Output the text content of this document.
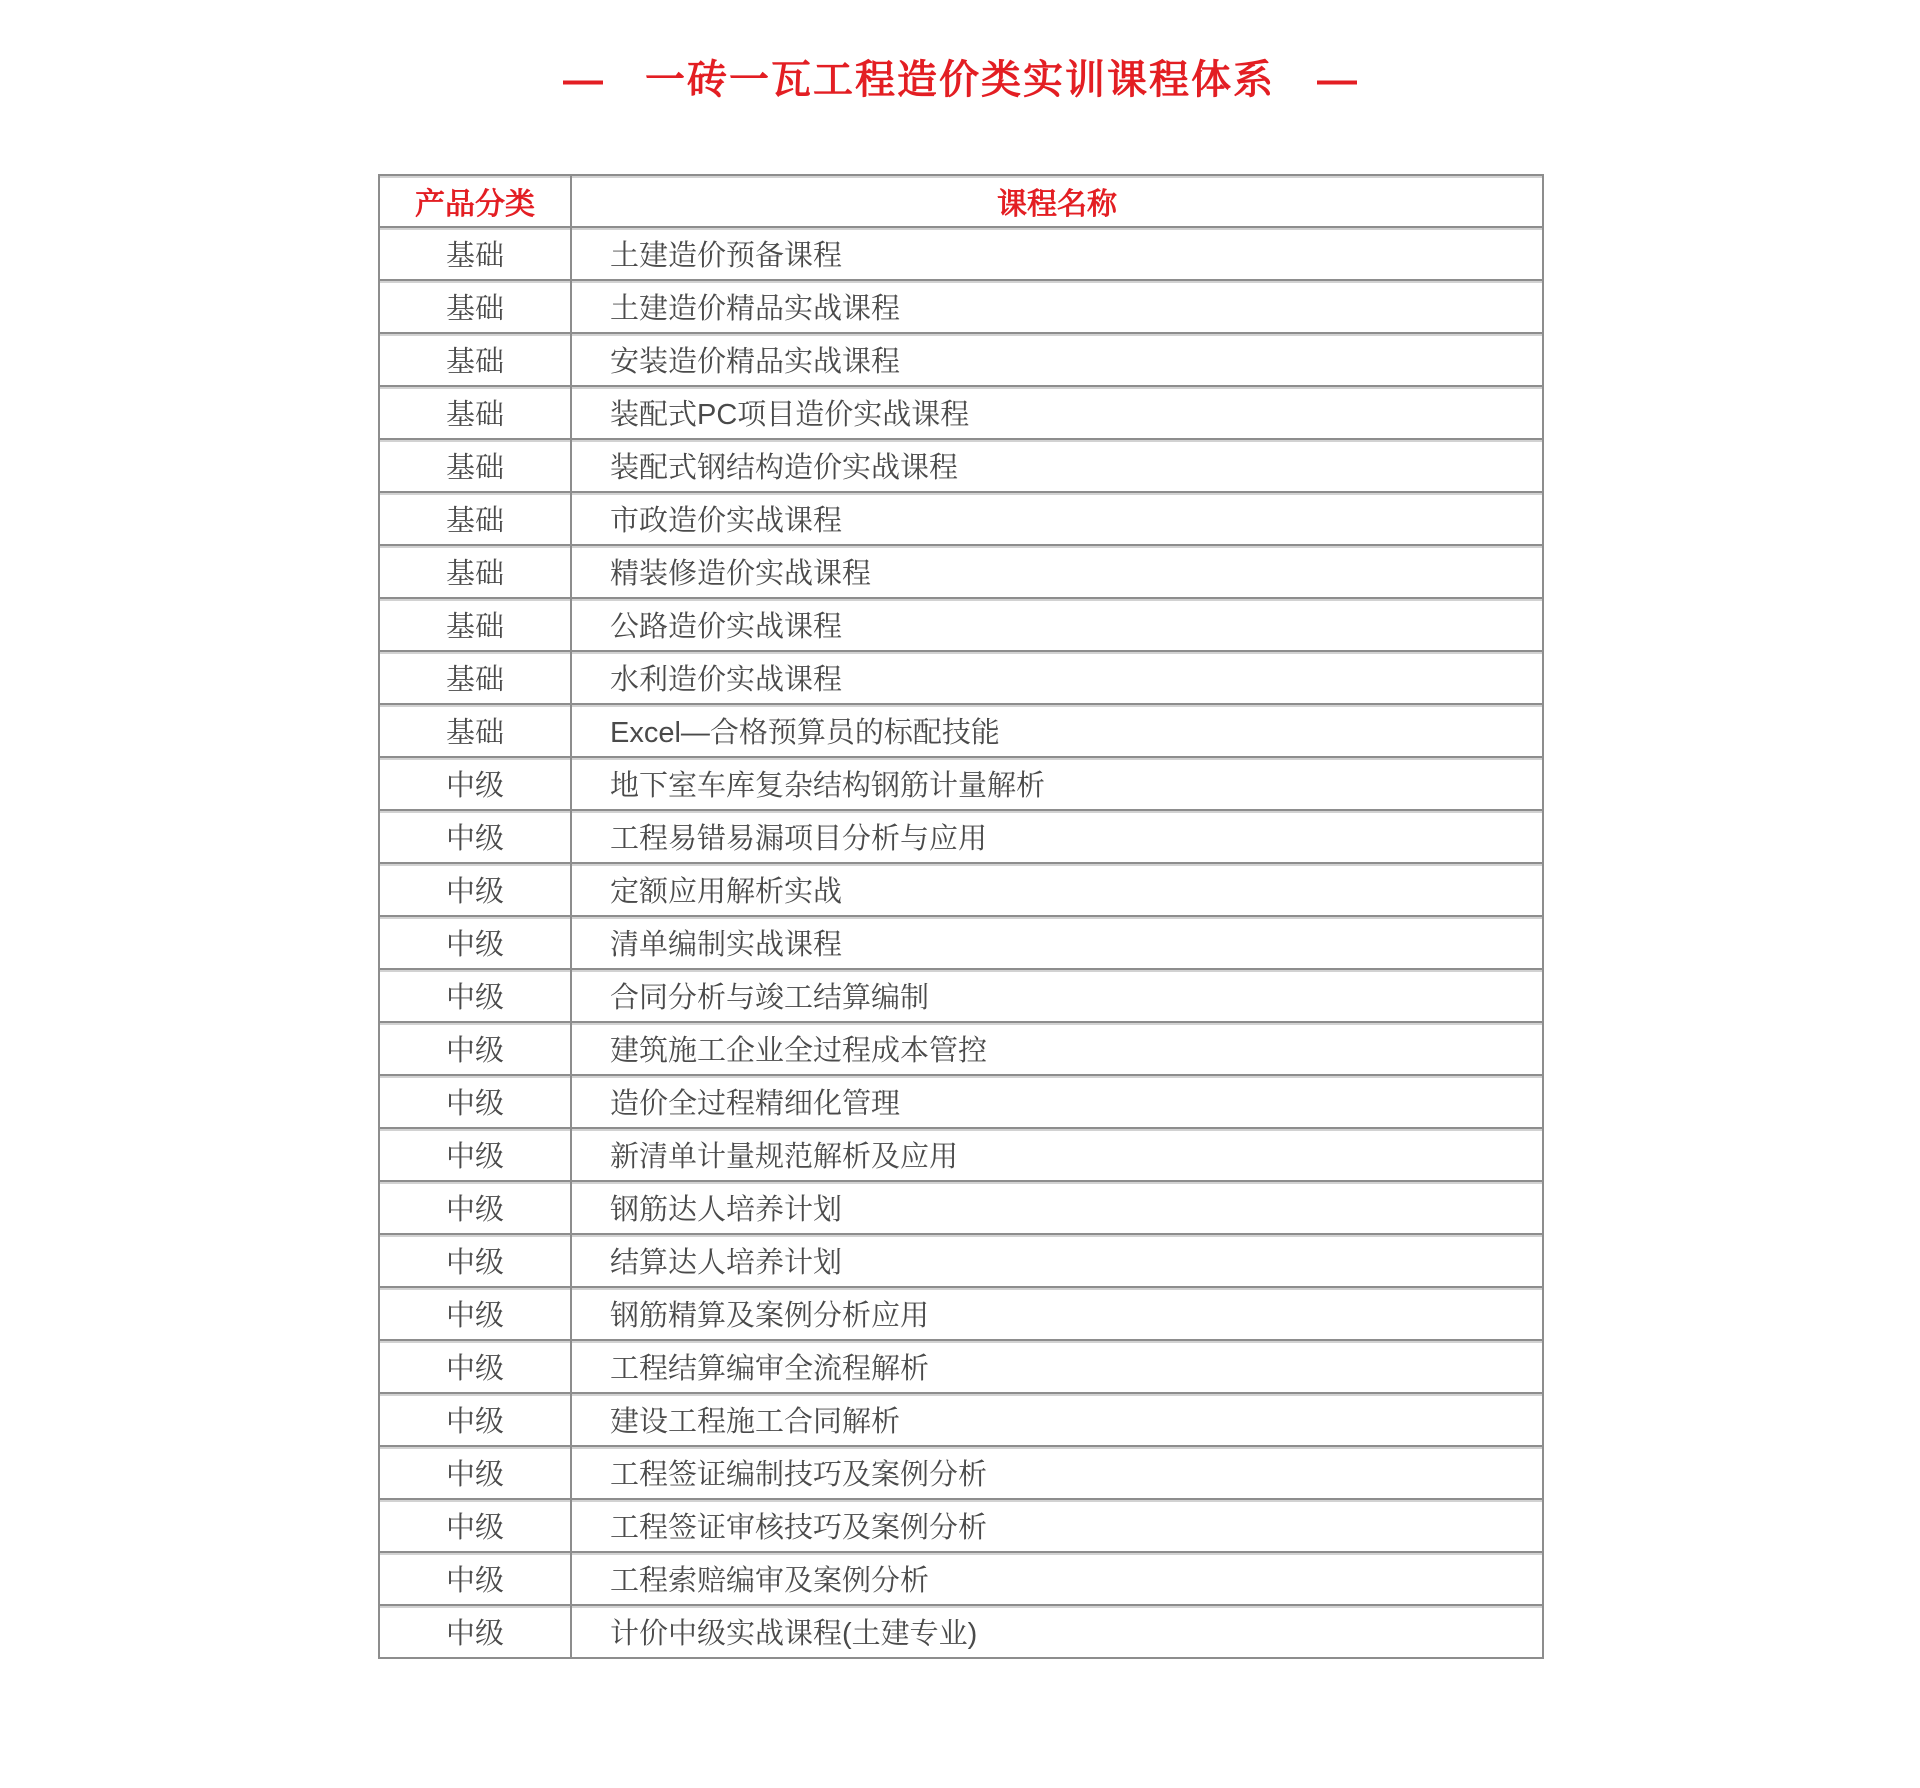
— 一砖一瓦工程造价类实训课程体系 —
产品分类	课程名称
基础	土建造价预备课程
基础	土建造价精品实战课程
基础	安装造价精品实战课程
基础	装配式PC项目造价实战课程
基础	装配式钢结构造价实战课程
基础	市政造价实战课程
基础	精装修造价实战课程
基础	公路造价实战课程
基础	水利造价实战课程
基础	Excel—合格预算员的标配技能
中级	地下室车库复杂结构钢筋计量解析
中级	工程易错易漏项目分析与应用
中级	定额应用解析实战
中级	清单编制实战课程
中级	合同分析与竣工结算编制
中级	建筑施工企业全过程成本管控
中级	造价全过程精细化管理
中级	新清单计量规范解析及应用
中级	钢筋达人培养计划
中级	结算达人培养计划
中级	钢筋精算及案例分析应用
中级	工程结算编审全流程解析
中级	建设工程施工合同解析
中级	工程签证编制技巧及案例分析
中级	工程签证审核技巧及案例分析
中级	工程索赔编审及案例分析
中级	计价中级实战课程(土建专业)
